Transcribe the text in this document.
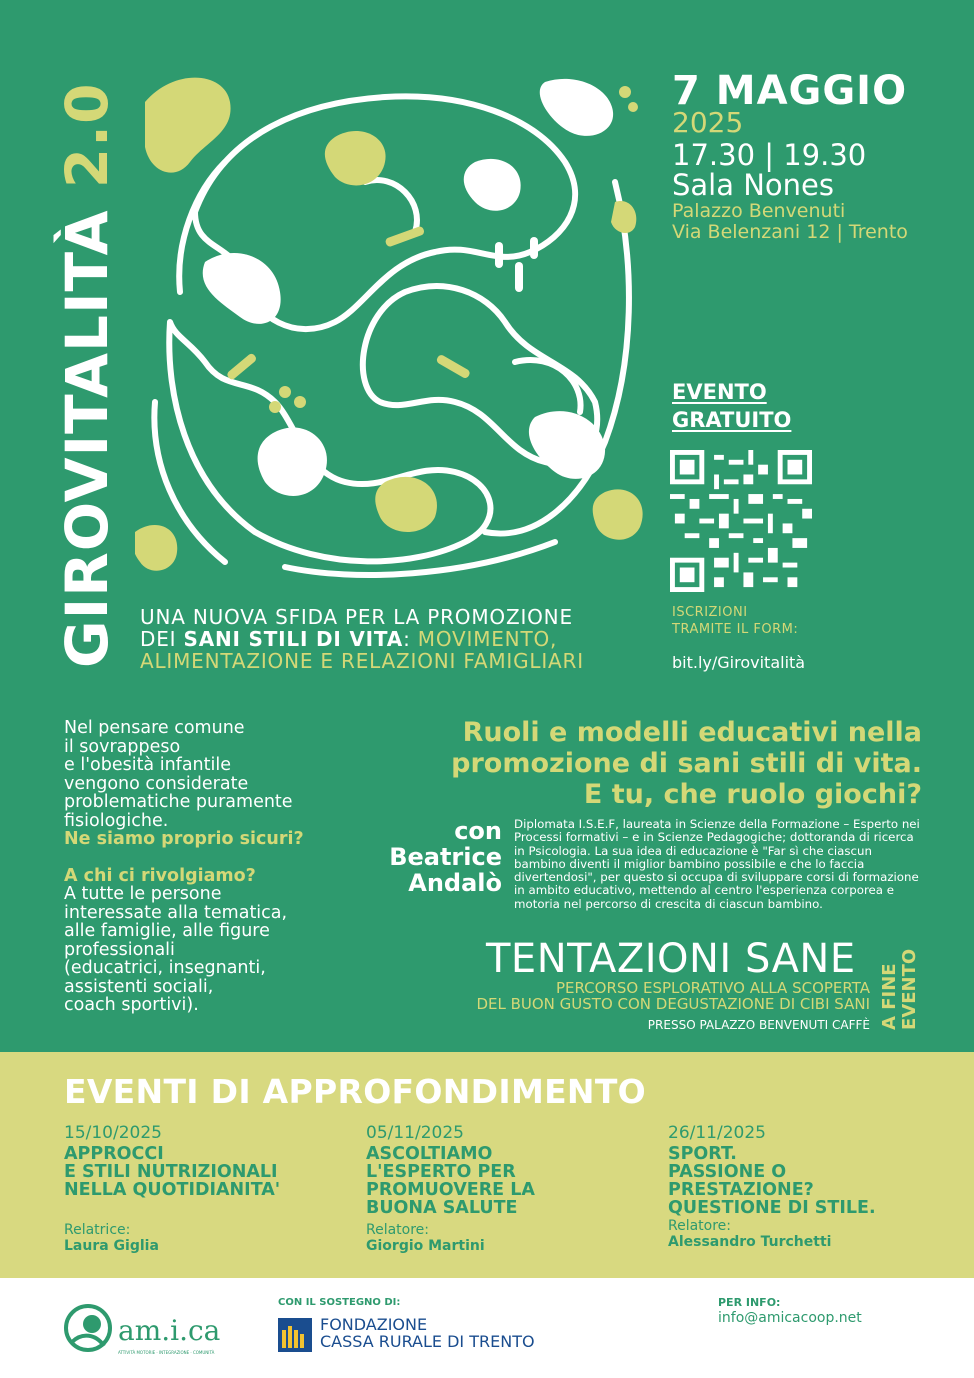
GIROVITALITÀ 2.0	7 MAGGIO
2025
17.30 | 19.30
Sala Nones
Palazzo Benvenuti
Via Belenzani 12 | Trento
EVENTO
GRATUITO
ISCRIZIONI
TRAMITE IL FORM:
bit.ly/Girovitalità
UNA NUOVA SFIDA PER LA PROMOZIONE
DEI SANI STILI DI VITA: MOVIMENTO,
ALIMENTAZIONE E RELAZIONI FAMIGLIARI
Nel pensare comune
il sovrappeso
e l'obesità infantile
vengono considerate
problematiche puramente
fisiologiche.
Ne siamo proprio sicuri?
A chi ci rivolgiamo?
A tutte le persone
interessate alla tematica,
alle famiglie, alle figure
professionali
(educatrici, insegnanti,
assistenti sociali,
coach sportivi).
Ruoli e modelli educativi nella
promozione di sani stili di vita.
E tu, che ruolo giochi?
con
Beatrice
Andalò
Diplomata I.S.E.F, laureata in Scienze della Formazione – Esperto nei Processi formativi – e in Scienze Pedagogiche; dottoranda di ricerca in Psicologia. La sua idea di educazione è "Far sì che ciascun bambino diventi il miglior bambino possibile e che lo faccia divertendosi", per questo si occupa di sviluppare corsi di formazione in ambito educativo, mettendo al centro l'esperienza corporea e motoria nel percorso di crescita di ciascun bambino.
TENTAZIONI SANE
A FINE EVENTO
PERCORSO ESPLORATIVO ALLA SCOPERTA
DEL BUON GUSTO CON DEGUSTAZIONE DI CIBI SANI
PRESSO PALAZZO BENVENUTI CAFFÈ
EVENTI DI APPROFONDIMENTO
15/10/2025
APPROCCI
E STILI NUTRIZIONALI
NELLA QUOTIDIANITA'
Relatrice:
Laura Giglia
05/11/2025
ASCOLTIAMO
L'ESPERTO PER
PROMUOVERE LA
BUONA SALUTE
Relatore:
Giorgio Martini
26/11/2025
SPORT.
PASSIONE O
PRESTAZIONE?
QUESTIONE DI STILE.
Relatore:
Alessandro Turchetti
am.i.ca
ATTIVITÀ MOTORIE · INTEGRAZIONE · COMUNITÀ
CON IL SOSTEGNO DI:
FONDAZIONE
CASSA RURALE DI TRENTO
PER INFO:
info@amicacoop.net
